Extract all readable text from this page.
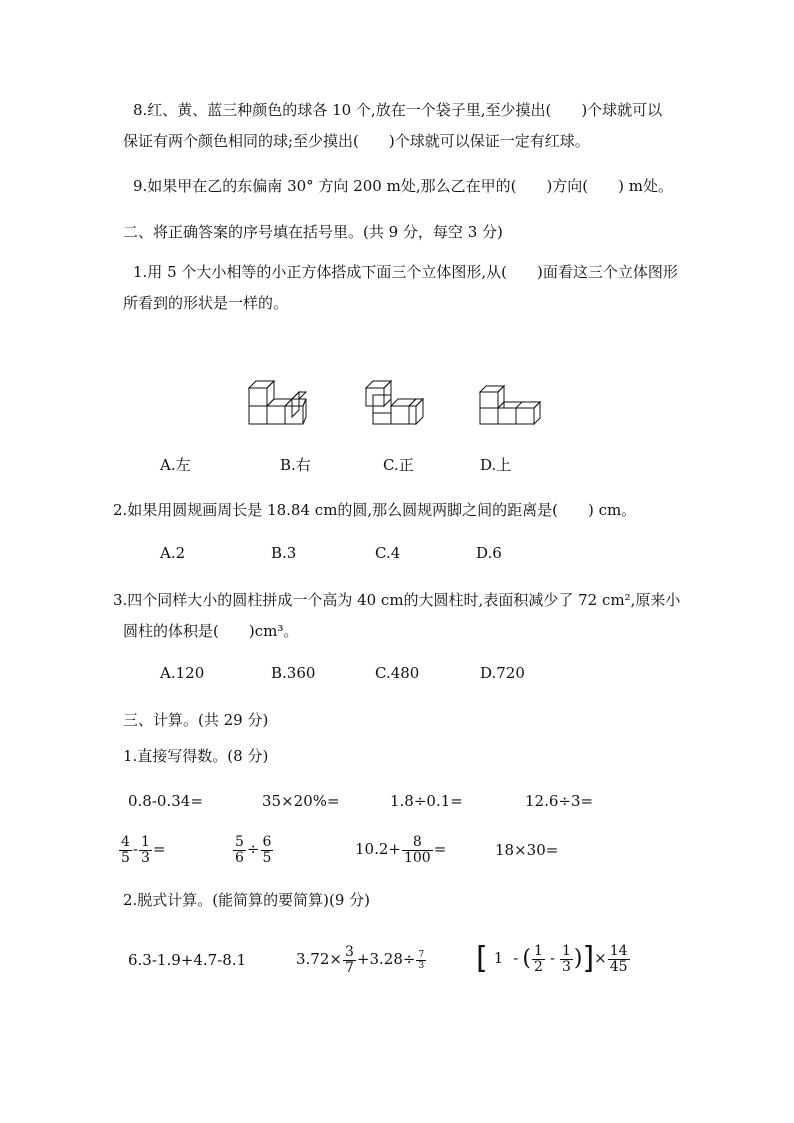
8.红、黄、蓝三种颜色的球各 10 个,放在一个袋子里,至少摸出(　　)个球就可以
保证有两个颜色相同的球;至少摸出(　　)个球就可以保证一定有红球。
9.如果甲在乙的东偏南 30° 方向 200 m处,那么乙在甲的(　　)方向(　　) m处。
二、将正确答案的序号填在括号里。(共 9 分，每空 3 分)
1.用 5 个大小相等的小正方体搭成下面三个立体图形,从(　　)面看这三个立体图形
所看到的形状是一样的。
A.左	B.右	C.正	D.上
2.如果用圆规画周长是 18.84 cm的圆,那么圆规两脚之间的距离是(　　) cm。
A.2	B.3	C.4	D.6
3.四个同样大小的圆柱拼成一个高为 40 cm的大圆柱时,表面积减少了 72 cm²,原来小
圆柱的体积是(　　)cm³。
A.120	B.360	C.480	D.720
三、计算。(共 29 分)
1.直接写得数。(8 分)
0.8-0.34=	35×20%=	1.8÷0.1=	12.6÷3=
$\frac{4}{5} - \frac{1}{3}$ =	$\frac{5}{6} \div \frac{6}{5}$	$10.2+ \frac{8}{100}$ =	18×30=
2.脱式计算。(能简算的要简算)(9 分)
6.3-1.9+4.7-8.1	$3.72\times \frac{3}{7} +3.28\div \frac{7}{3}$ [ 1 - ( $\frac{1}{2} - \frac{1}{3}$ )]× $\frac{14}{45}$
